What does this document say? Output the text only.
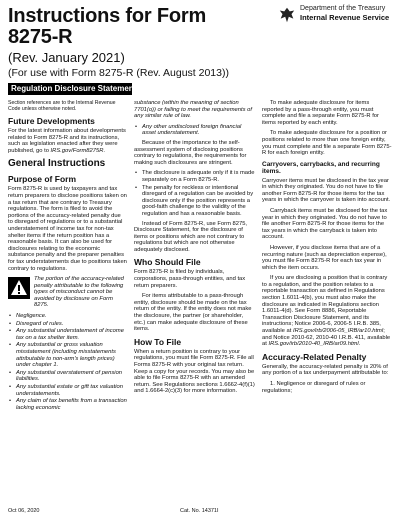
Instructions for Form 8275-R
(Rev. January 2021)
(For use with Form 8275-R (Rev. August 2013))
Regulation Disclosure Statement
Department of the Treasury
Internal Revenue Service

Section references are to the Internal Revenue Code unless otherwise noted.

Future Developments

For the latest information about developments related to Form 8275-R and its instructions, such as legislation enacted after they were published, go to IRS.gov/Form8275R.

General Instructions
Purpose of Form

Form 8275-R is used by taxpayers and tax return preparers to disclose positions taken on a tax return that are contrary to Treasury regulations. The form is filed to avoid the portions of the accuracy-related penalty due to disregard of regulations or to a substantial understatement of income tax for non-tax shelter items if the return position has a reasonable basis. It can also be used for disclosures relating to the economic substance penalty and the preparer penalties for tax understatements due to positions taken contrary to regulations.

The portion of the accuracy-related penalty attributable to the following types of misconduct cannot be avoided by disclosure on Form 8275.
• Negligence.
• Disregard of rules.
• Any substantial understatement of income tax on a tax shelter item.
• Any substantial or gross valuation misstatement (including misstatements attributable to non-arm's length prices) under chapter 1.
• Any substantial overstatement of pension liabilities.
• Any substantial estate or gift tax valuation understatements.
• Any claim of tax benefits from a transaction lacking economic

substance (within the meaning of section 7701(o)) or failing to meet the requirements of any similar rule of law.

• Any other undisclosed foreign financial asset understatement.

Because of the importance to the self-assessment system of disclosing positions contrary to regulations, the requirements for making such disclosures are stringent.

• The disclosure is adequate only if it is made separately on a Form 8275-R.
• The penalty for reckless or intentional disregard of a regulation can be avoided by disclosure only if the position represents a good-faith challenge to the validity of the regulation and has a reasonable basis.

Instead of Form 8275-R, use Form 8275, Disclosure Statement, for the disclosure of items or positions which are not contrary to regulations but which are not otherwise adequately disclosed.

Who Should File

Form 8275-R is filed by individuals, corporations, pass-through entities, and tax return preparers.

For items attributable to a pass-through entity, disclosure should be made on the tax return of the entity. If the entity does not make the disclosure, the partner (or shareholder, etc.) can make adequate disclosure of these items.

How To File

When a return position is contrary to your regulations, you must file Form 8275-R. File all Forms 8275-R with your original tax return. Keep a copy for your records. You may also be able to file Forms 8275-R with an amended return. See Regulations sections 1.6662-4(f)(1) and 1.6664-2(c)(3) for more information.

To make adequate disclosure for items reported by a pass-through entity, you must complete and file a separate Form 8275-R for items reported by each entity.

To make adequate disclosure for a position or positions related to more than one foreign entity, you must complete and file a separate Form 8275-R for each foreign entity.

Carryovers, carrybacks, and recurring items.

Carryover items must be disclosed in the tax year in which they originated. You do not have to file another Form 8275-R for those items for the tax years in which the carryover is taken into account.

Carryback items must be disclosed for the tax year in which they originated. You do not have to file another Form 8275-R for those items for the tax years in which the carryback is taken into account.

However, if you disclose items that are of a recurring nature (such as depreciation expense), you must file Form 8275-R for each tax year in which the item occurs.

If you are disclosing a position that is contrary to a regulation, and the position relates to a reportable transaction as defined in Regulations section 1.6011-4(b), you must also make the disclosure as indicated in Regulations section 1.6011-4(d). See Form 8886, Reportable Transaction Disclosure Statement, and its instructions; Notice 2006-6, 2006-5 I.R.B. 385, available at IRS.gov/irb/2006-05_IRB/ar10.html; and Notice 2010-62, 2010-40 I.R.B. 411, available at IRS.gov/irb/2010-40_IRB/ar09.html.

Accuracy-Related Penalty

Generally, the accuracy-related penalty is 20% of any portion of a tax underpayment attributable to:

1. Negligence or disregard of rules or regulations;

Oct 06, 2020	Cat. No. 14371I
